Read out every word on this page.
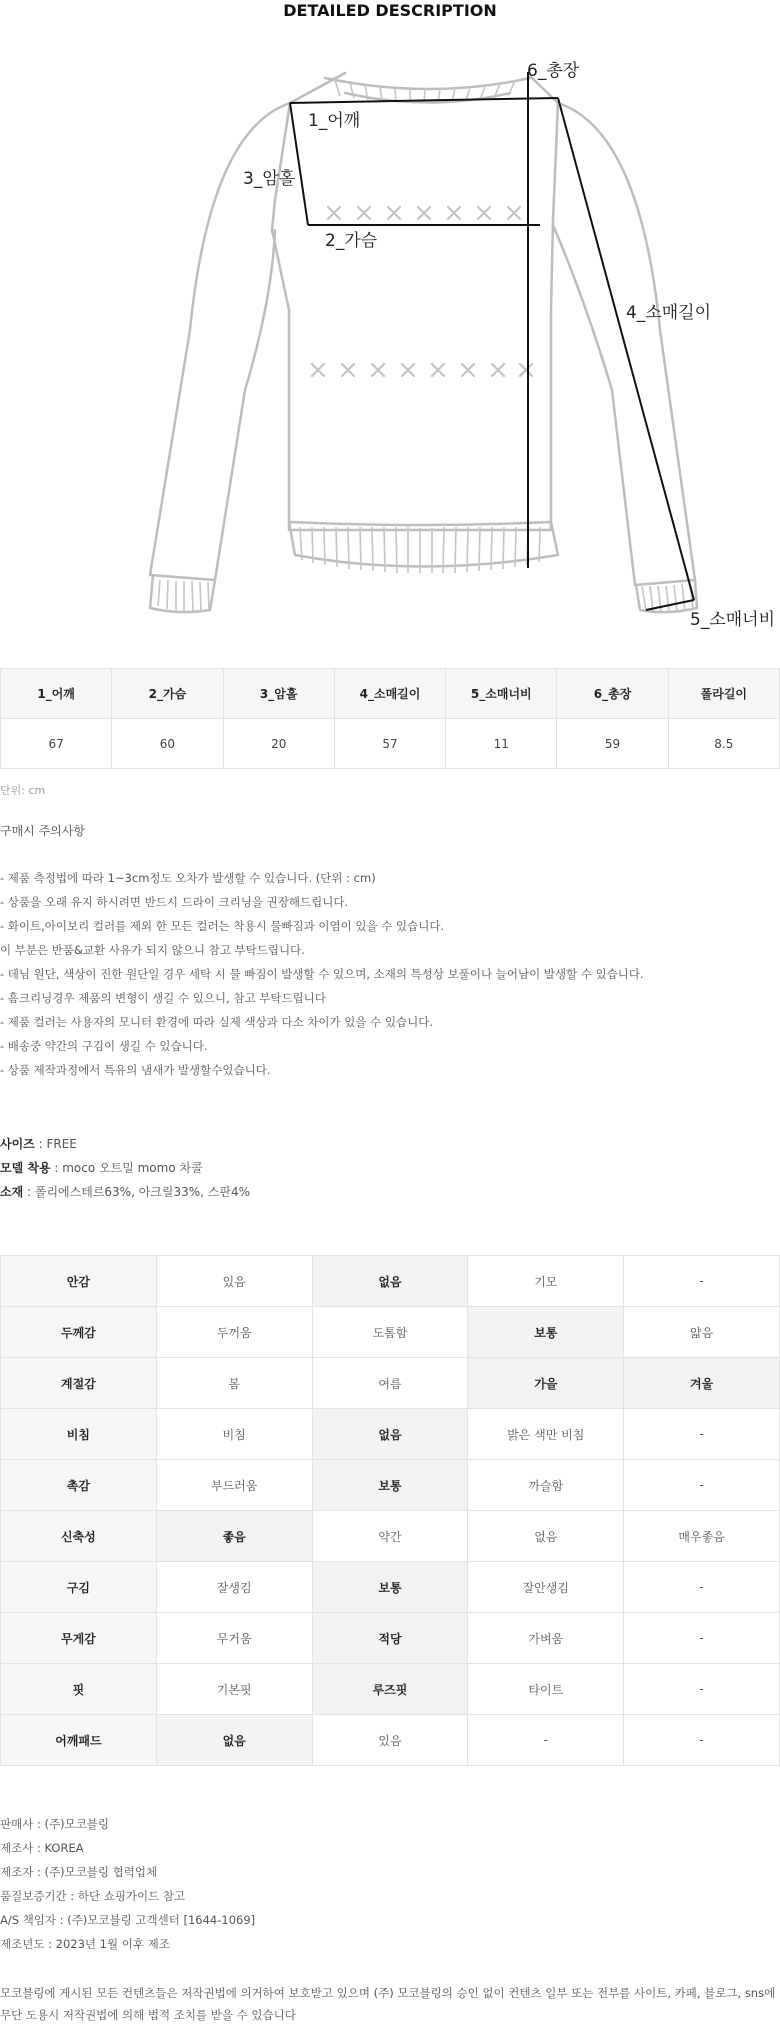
DETAILED DESCRIPTION
1_어깨
3_암홀
2_가슴
6_총장
4_소매길이
5_소매너비
1_어깨	2_가슴	3_암홀	4_소매길이	5_소매너비	6_총장	폴라길이
67	60	20	57	11	59	8.5
단위: cm
구매시 주의사항
- 제품 측정법에 따라 1~3cm정도 오차가 발생할 수 있습니다. (단위 : cm)
- 상품을 오래 유지 하시려면 반드시 드라이 크리닝을 권장해드립니다.
- 화이트,아이보리 컬러를 제외 한 모든 컬러는 착용시 물빠짐과 이염이 있을 수 있습니다.
이 부분은 반품&교환 사유가 되지 않으니 참고 부탁드립니다.
- 데님 원단, 색상이 진한 원단일 경우 세탁 시 물 빠짐이 발생할 수 있으며, 소재의 특성상 보풀이나 늘어남이 발생할 수 있습니다.
- 흠크리닝경우 제품의 변형이 생길 수 있으니, 참고 부탁드립니다
- 제품 컬러는 사용자의 모니터 환경에 따라 실제 색상과 다소 차이가 있을 수 있습니다.
- 배송중 약간의 구김이 생길 수 있습니다.
- 상품 제작과정에서 특유의 냄새가 발생할수있습니다.
사이즈 : FREE
모델 착용 : moco 오트밀 momo 차콜
소재 : 폴리에스테르63%, 아크릴33%, 스판4%
안감	있음	없음	기모	-
두께감	두꺼움	도톰함	보통	얇음
계절감	봄	여름	가을	겨울
비침	비침	없음	밝은 색만 비침	-
촉감	부드러움	보통	까슬함	-
신축성	좋음	약간	없음	매우좋음
구김	잘생김	보통	잘안생김	-
무게감	무거움	적당	가벼움	-
핏	기본핏	루즈핏	타이트	-
어깨패드	없음	있음	-	-
판매사 : (주)모코블링
제조사 : KOREA
제조자 : (주)모코블링 협력업체
품질보증기간 : 하단 쇼핑가이드 참고
A/S 책임자 : (주)모코블링 고객센터 [1644-1069]
제조년도 : 2023년 1월 이후 제조
모코블링에 게시된 모든 컨텐츠들은 저작권법에 의거하여 보호받고 있으며 (주) 모코블링의 승인 없이 컨텐츠 일부 또는 전부를 사이트, 카페, 블로그, sns에 무단 도용시 저작권법에 의해 법적 조치를 받을 수 있습니다
